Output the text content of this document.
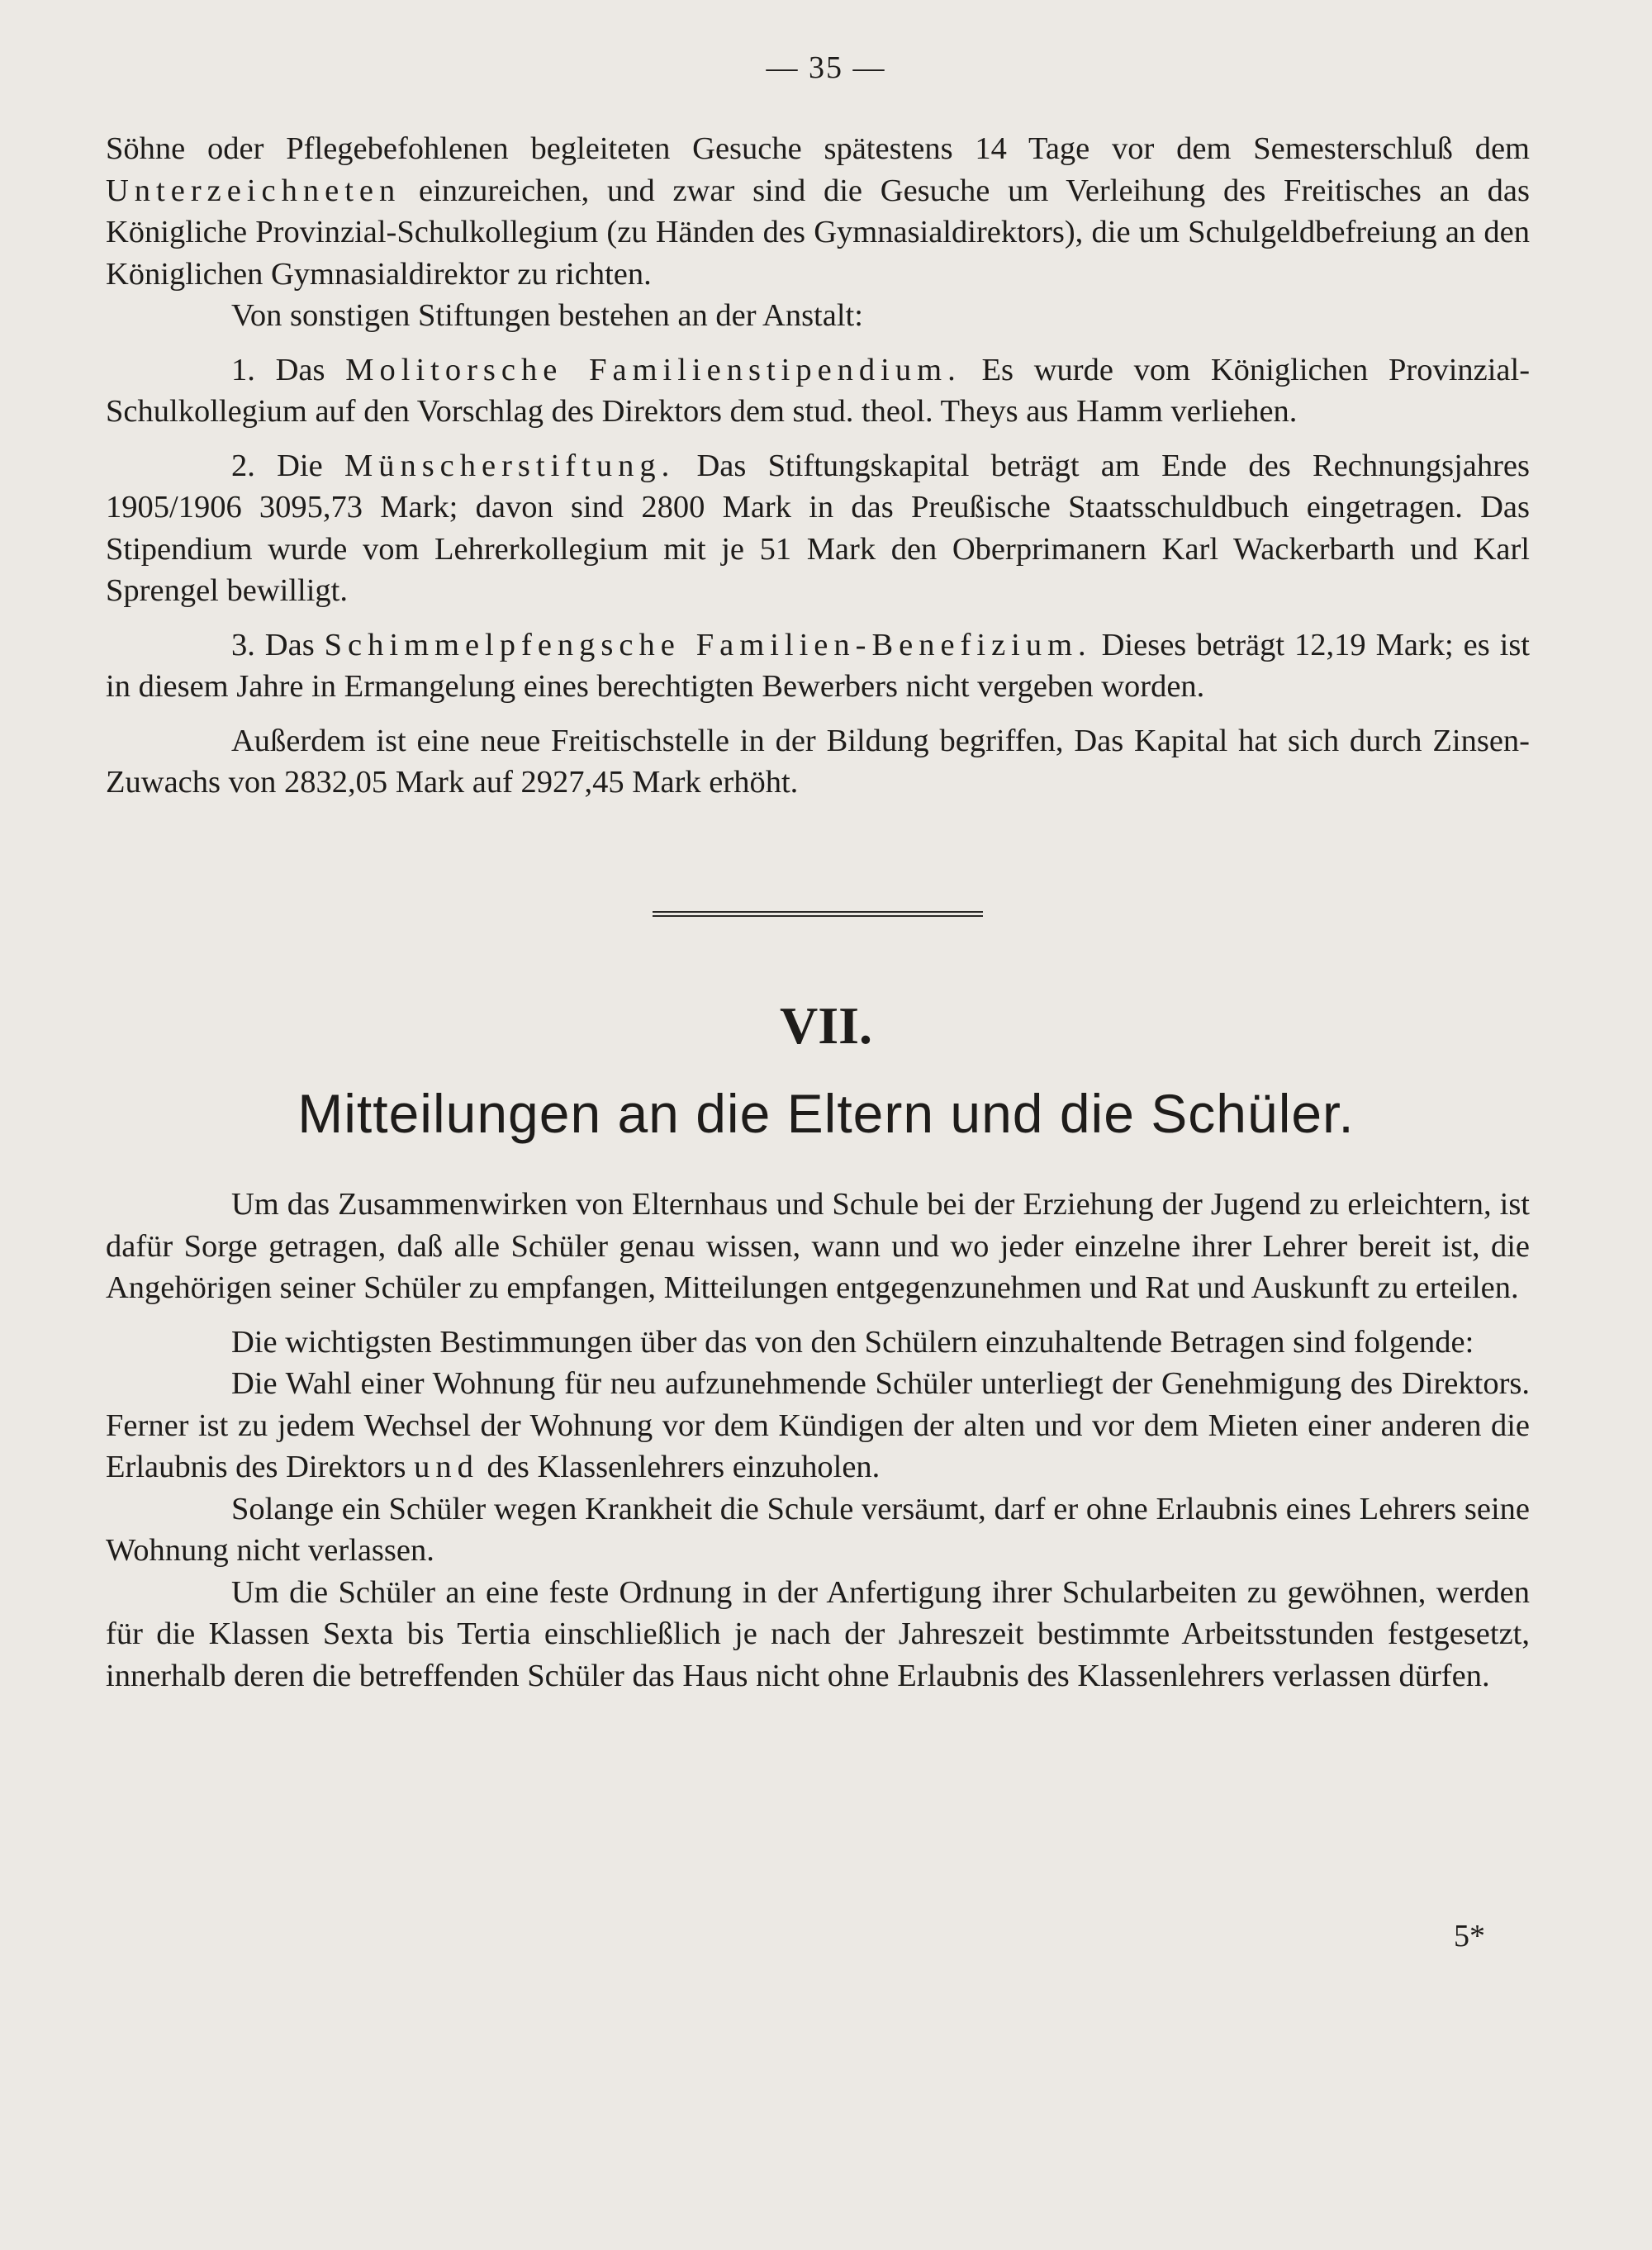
— 35 —

Söhne oder Pflegebefohlenen begleiteten Gesuche spätestens 14 Tage vor dem Semesterschluß dem Unterzeichneten einzureichen, und zwar sind die Gesuche um Verleihung des Freitisches an das Königliche Provinzial-Schulkollegium (zu Händen des Gymnasialdirektors), die um Schulgeldbefreiung an den Königlichen Gymnasialdirektor zu richten.

Von sonstigen Stiftungen bestehen an der Anstalt:

1. Das Molitorsche Familienstipendium. Es wurde vom Königlichen Provinzial-Schulkollegium auf den Vorschlag des Direktors dem stud. theol. Theys aus Hamm verliehen.

2. Die Münscherstiftung. Das Stiftungskapital beträgt am Ende des Rechnungsjahres 1905/1906 3095,73 Mark; davon sind 2800 Mark in das Preußische Staatsschuldbuch eingetragen. Das Stipendium wurde vom Lehrerkollegium mit je 51 Mark den Oberprimanern Karl Wackerbarth und Karl Sprengel bewilligt.

3. Das Schimmelpfengsche Familien-Benefizium. Dieses beträgt 12,19 Mark; es ist in diesem Jahre in Ermangelung eines berechtigten Bewerbers nicht vergeben worden.

Außerdem ist eine neue Freitischstelle in der Bildung begriffen, Das Kapital hat sich durch Zinsen-Zuwachs von 2832,05 Mark auf 2927,45 Mark erhöht.

VII.
Mitteilungen an die Eltern und die Schüler.

Um das Zusammenwirken von Elternhaus und Schule bei der Erziehung der Jugend zu erleichtern, ist dafür Sorge getragen, daß alle Schüler genau wissen, wann und wo jeder einzelne ihrer Lehrer bereit ist, die Angehörigen seiner Schüler zu empfangen, Mitteilungen entgegenzunehmen und Rat und Auskunft zu erteilen.

Die wichtigsten Bestimmungen über das von den Schülern einzuhaltende Betragen sind folgende:

Die Wahl einer Wohnung für neu aufzunehmende Schüler unterliegt der Genehmigung des Direktors. Ferner ist zu jedem Wechsel der Wohnung vor dem Kündigen der alten und vor dem Mieten einer anderen die Erlaubnis des Direktors und des Klassenlehrers einzuholen.

Solange ein Schüler wegen Krankheit die Schule versäumt, darf er ohne Erlaubnis eines Lehrers seine Wohnung nicht verlassen.

Um die Schüler an eine feste Ordnung in der Anfertigung ihrer Schularbeiten zu gewöhnen, werden für die Klassen Sexta bis Tertia einschließlich je nach der Jahreszeit bestimmte Arbeitsstunden festgesetzt, innerhalb deren die betreffenden Schüler das Haus nicht ohne Erlaubnis des Klassenlehrers verlassen dürfen.

5*
